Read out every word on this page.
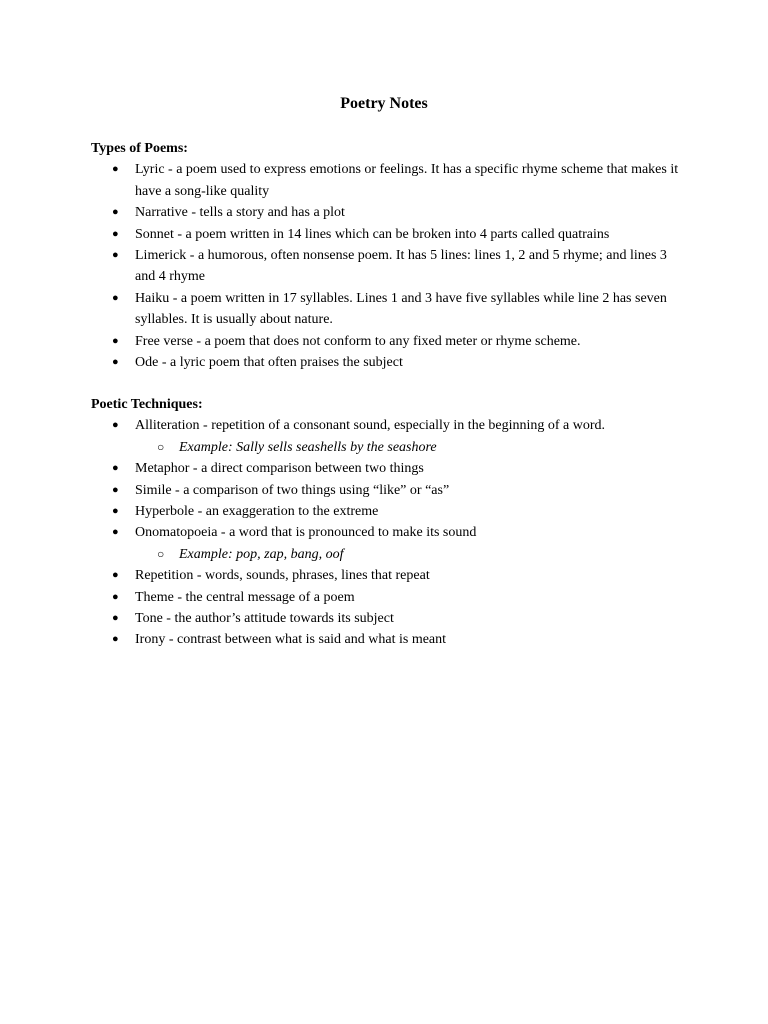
Poetry Notes
Types of Poems:
● Lyric - a poem used to express emotions or feelings. It has a specific rhyme scheme that makes it have a song-like quality
● Narrative - tells a story and has a plot
● Sonnet - a poem written in 14 lines which can be broken into 4 parts called quatrains
● Limerick - a humorous, often nonsense poem. It has 5 lines: lines 1, 2 and 5 rhyme; and lines 3 and 4 rhyme
● Haiku - a poem written in 17 syllables. Lines 1 and 3 have five syllables while line 2 has seven syllables. It is usually about nature.
● Free verse - a poem that does not conform to any fixed meter or rhyme scheme.
● Ode - a lyric poem that often praises the subject
Poetic Techniques:
● Alliteration - repetition of a consonant sound, especially in the beginning of a word.
○ Example: Sally sells seashells by the seashore
● Metaphor - a direct comparison between two things
● Simile - a comparison of two things using “like” or “as”
● Hyperbole - an exaggeration to the extreme
● Onomatopoeia - a word that is pronounced to make its sound
○ Example: pop, zap, bang, oof
● Repetition - words, sounds, phrases, lines that repeat
● Theme - the central message of a poem
● Tone - the author’s attitude towards its subject
● Irony - contrast between what is said and what is meant
